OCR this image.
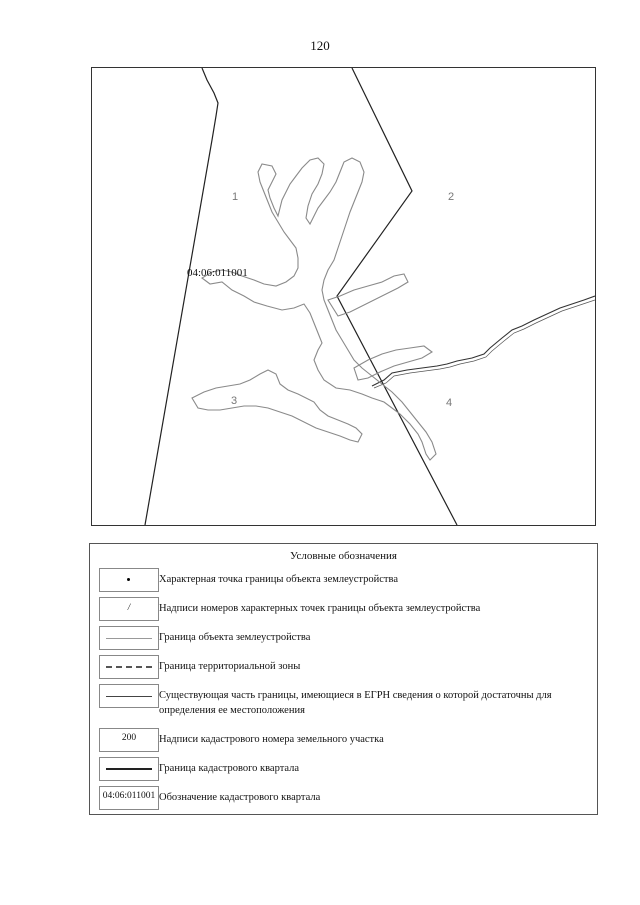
120
1	2
3	4
04:06:011001
Условные обозначения
Характерная точка границы объекта землеустройства
/	Надписи номеров характерных точек границы объекта землеустройства
Граница объекта землеустройства
Граница территориальной зоны
Существующая часть границы, имеющиеся в ЕГРН сведения о которой достаточны для определения ее местоположения
200	Надписи кадастрового номера земельного участка
Граница кадастрового квартала
04:06:011001 Обозначение кадастрового квартала
